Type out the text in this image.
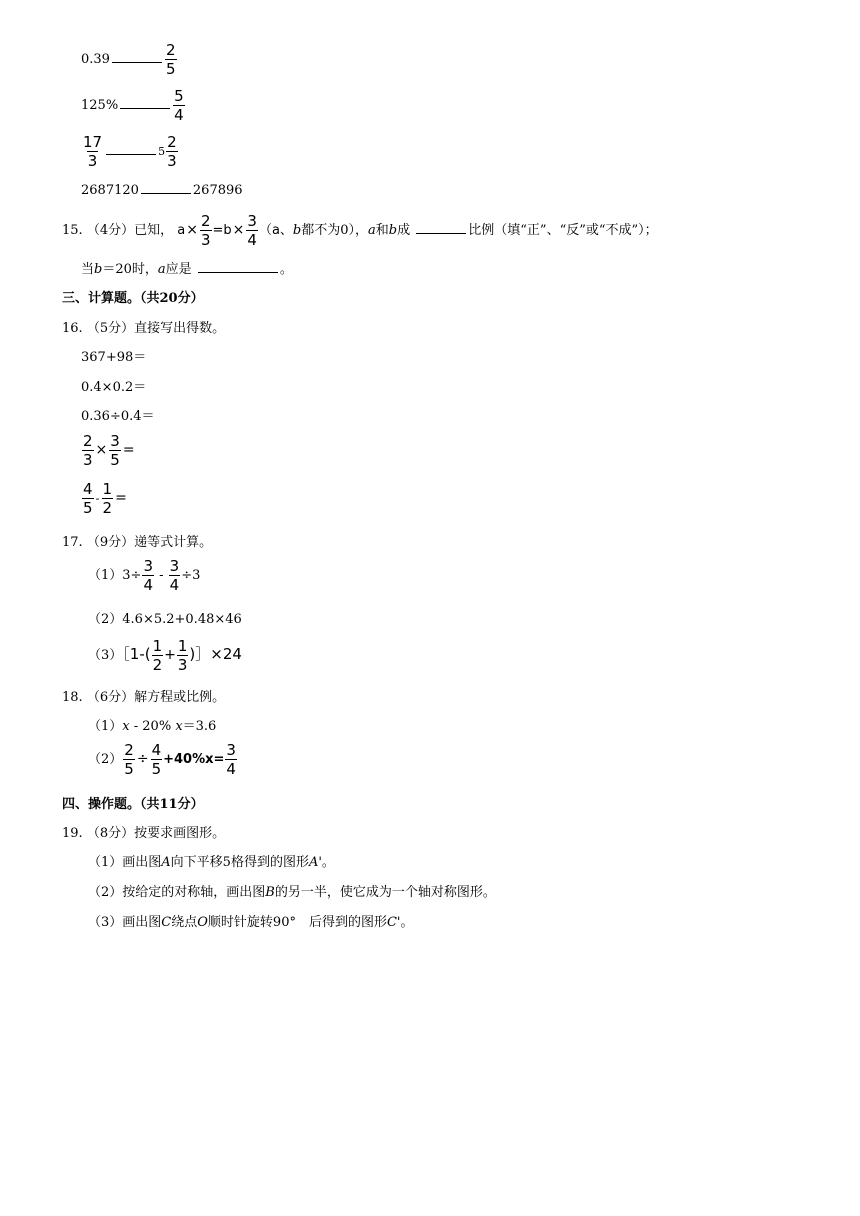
0.39	$\frac{2}{5}$
125%	$\frac{5}{4}$
$\frac{17}{3}$	$5 \frac{2}{3}$
2687120	267896
15. （4分）已知， $a\times \frac{2}{3} =b\times \frac{3}{4} (a$、b都不为0），a和b成	比例（填“正”、“反”或“不成”）；
当b＝20时，a应是	。
三、计算题。（共20分）
16. （5分）直接写出得数。
367+98＝
0.4×0.2＝
0.36÷0.4＝
$\frac{2}{3} \times \frac{3}{5}$ =
$\frac{4}{5} - \frac{1}{2}$ =
17. （9分）递等式计算。
$(1)3\div \frac{3}{4} - \frac{3}{4} \div 3$
（2）4.6×5.2+0.48×46
（3）［1-( $\frac{1}{2} + \frac{1}{3}$ )］×24
18. （6分）解方程或比例。
（1）x - 20% x＝3.6
$(2) \frac{2}{5} \div \frac{4}{5} +40\%x= \frac{3}{4}$
四、操作题。（共11分）
19. （8分）按要求画图形。
（1）画出图A向下平移5格得到的图形A'。
（2）按给定的对称轴，画出图B的另一半，使它成为一个轴对称图形。
（3）画出图C绕点O顺时针旋转90°　后得到的图形C'。
